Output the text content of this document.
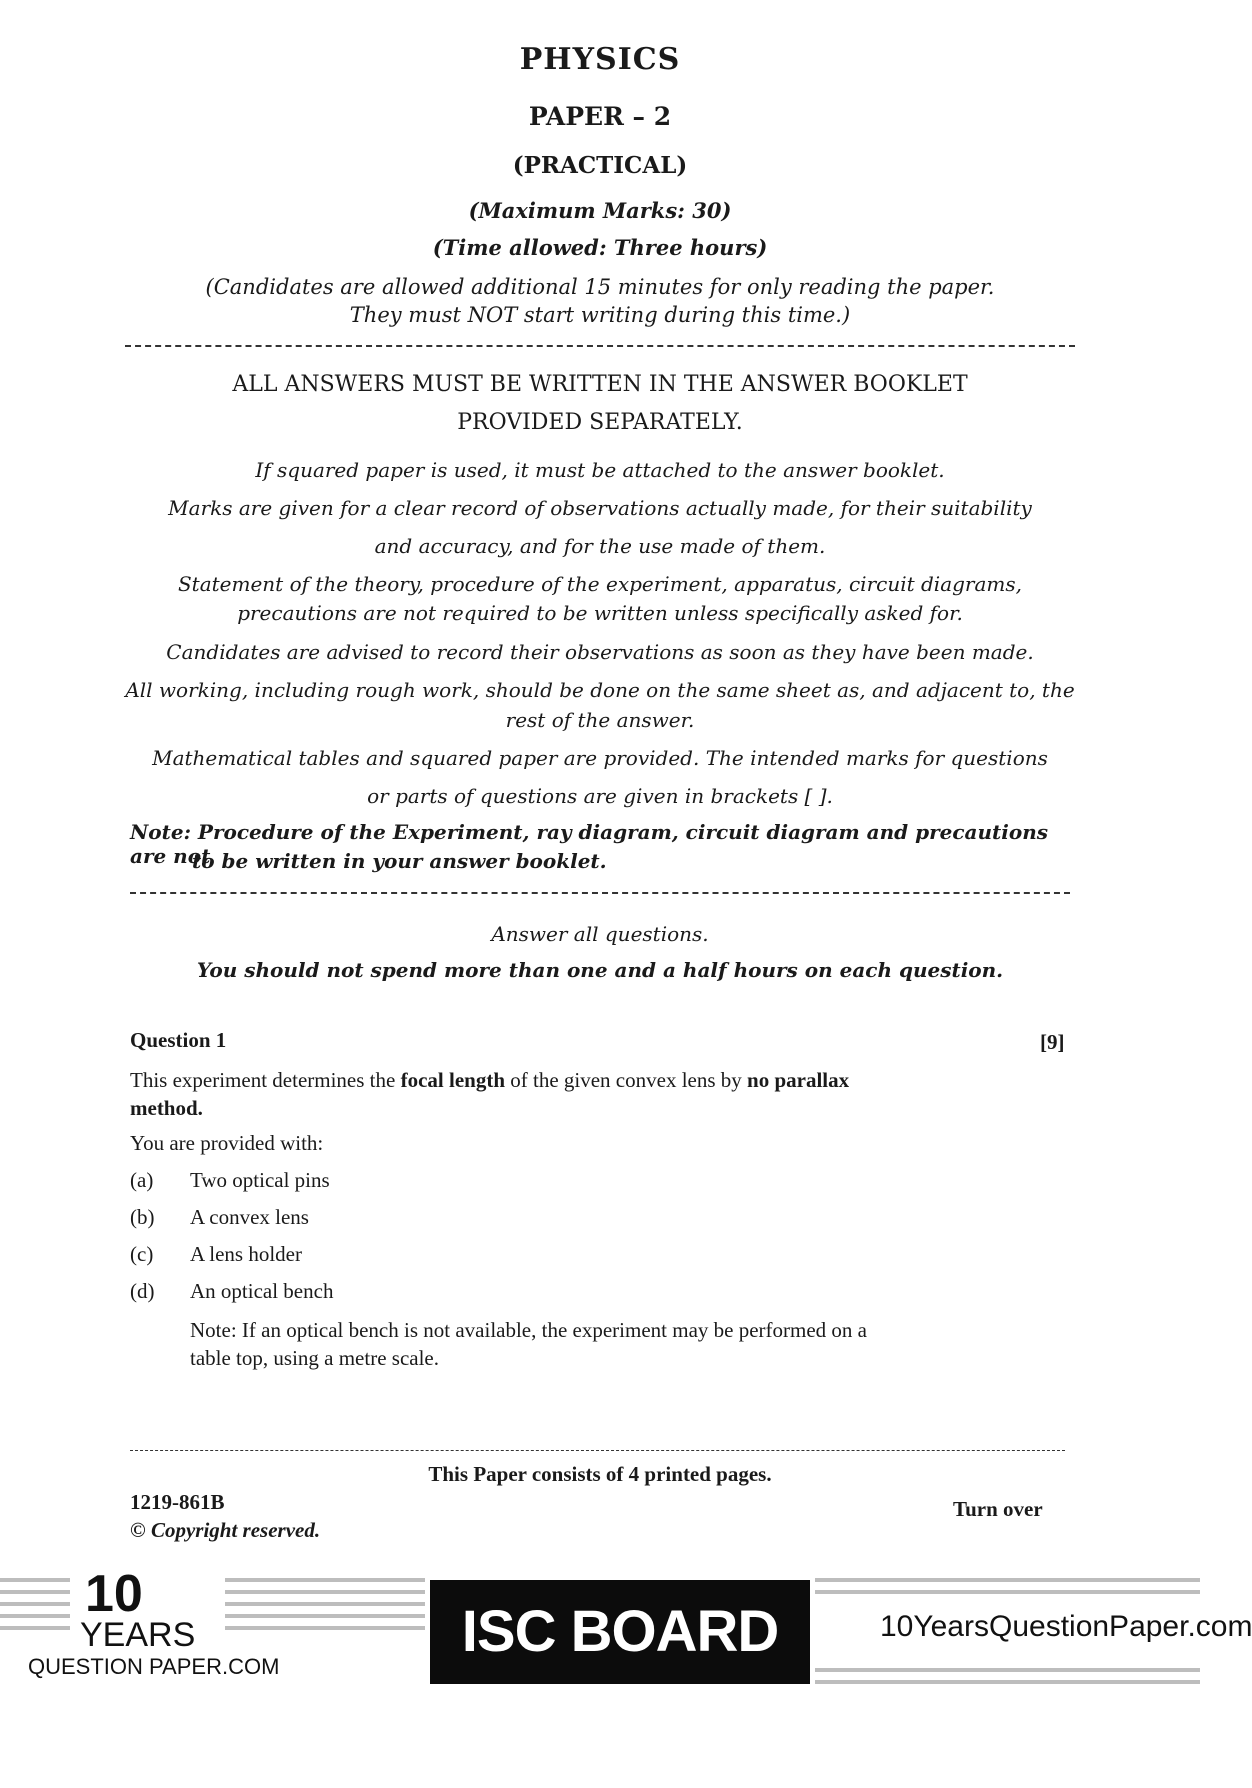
PHYSICS
PAPER – 2
(PRACTICAL)
(Maximum Marks: 30)
(Time allowed: Three hours)
(Candidates are allowed additional 15 minutes for only reading the paper.
They must NOT start writing during this time.)
ALL ANSWERS MUST BE WRITTEN IN THE ANSWER BOOKLET
PROVIDED SEPARATELY.
If squared paper is used, it must be attached to the answer booklet.
Marks are given for a clear record of observations actually made, for their suitability
and accuracy, and for the use made of them.
Statement of the theory, procedure of the experiment, apparatus, circuit diagrams,
precautions are not required to be written unless specifically asked for.
Candidates are advised to record their observations as soon as they have been made.
All working, including rough work, should be done on the same sheet as, and adjacent to, the
rest of the answer.
Mathematical tables and squared paper are provided. The intended marks for questions
or parts of questions are given in brackets [ ].
Note: Procedure of the Experiment, ray diagram, circuit diagram and precautions are not
to be written in your answer booklet.
Answer all questions.
You should not spend more than one and a half hours on each question.
Question 1	[9]
This experiment determines the focal length of the given convex lens by no parallax
method.
You are provided with:
(a) Two optical pins
(b) A convex lens
(c) A lens holder
(d) An optical bench
Note: If an optical bench is not available, the experiment may be performed on a
table top, using a metre scale.
This Paper consists of 4 printed pages.
1219-861B
© Copyright reserved.
Turn over
10
YEARS
QUESTION PAPER.COM
ISC BOARD XII
10YearsQuestionPaper.com
